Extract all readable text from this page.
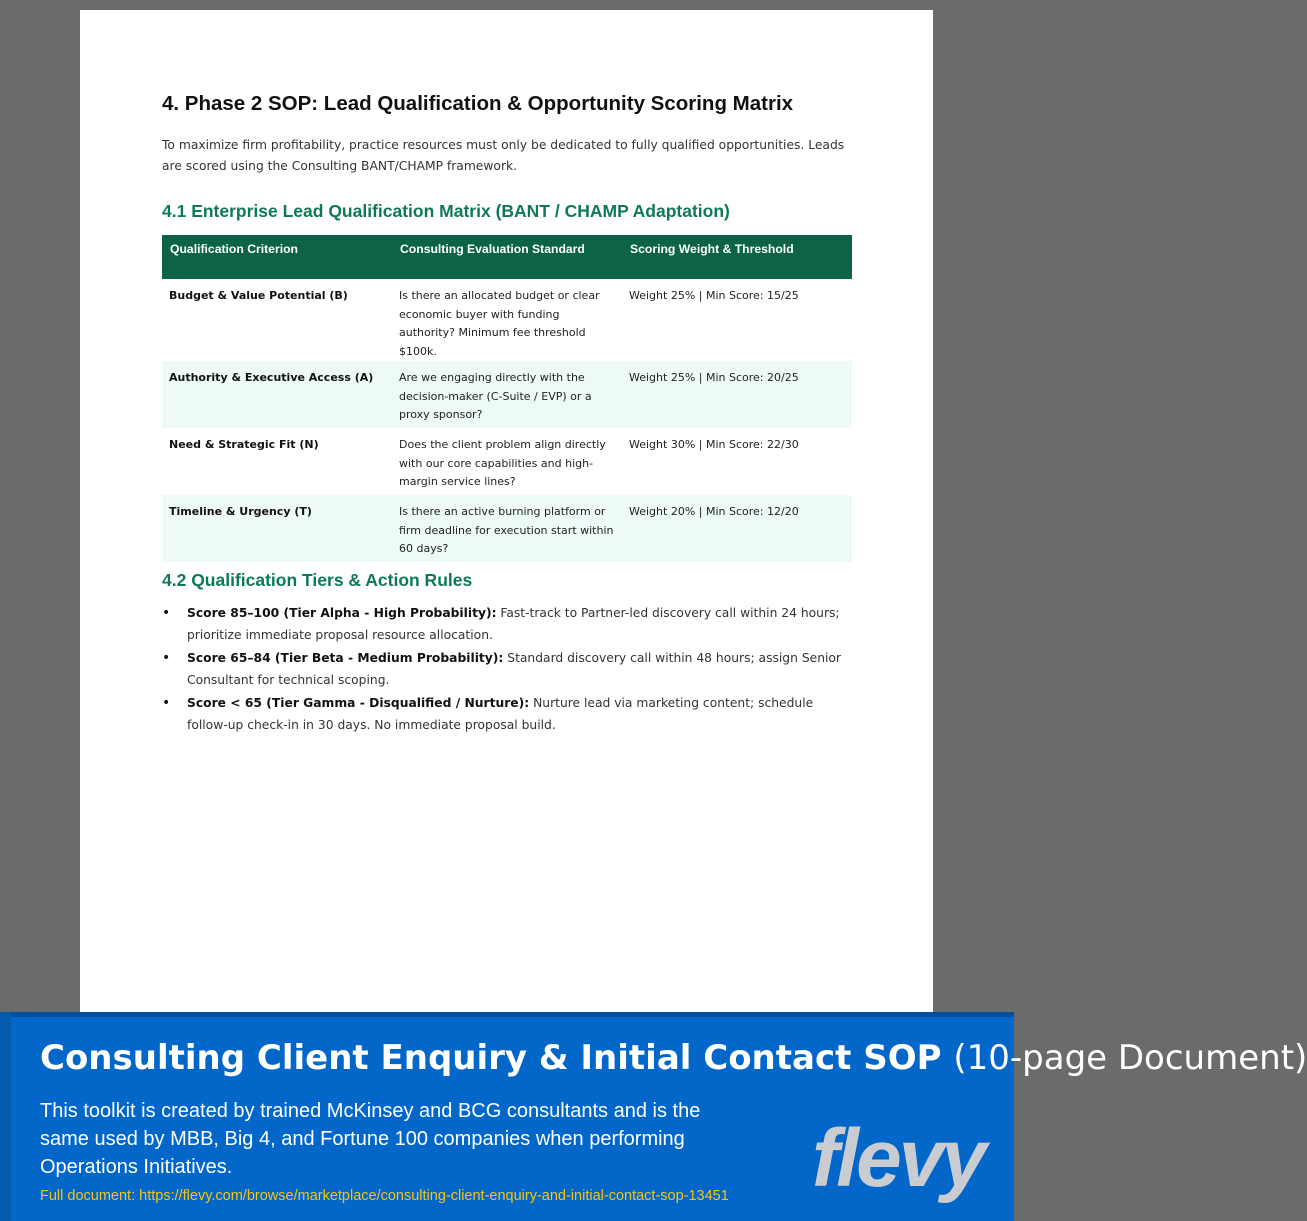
4. Phase 2 SOP: Lead Qualification & Opportunity Scoring Matrix

To maximize firm profitability, practice resources must only be dedicated to fully qualified opportunities. Leads are scored using the Consulting BANT/CHAMP framework.

4.1 Enterprise Lead Qualification Matrix (BANT / CHAMP Adaptation)
Qualification Criterion	Consulting Evaluation Standard	Scoring Weight & Threshold
Budget & Value Potential (B)	Is there an allocated budget or clear economic buyer with funding authority? Minimum fee threshold $100k.	Weight 25% | Min Score: 15/25
Authority & Executive Access (A)	Are we engaging directly with the decision-maker (C-Suite / EVP) or a proxy sponsor?	Weight 25% | Min Score: 20/25
Need & Strategic Fit (N)	Does the client problem align directly with our core capabilities and high-margin service lines?	Weight 30% | Min Score: 22/30
Timeline & Urgency (T)	Is there an active burning platform or firm deadline for execution start within 60 days?	Weight 20% | Min Score: 12/20
4.2 Qualification Tiers & Action Rules
• Score 85–100 (Tier Alpha - High Probability): Fast-track to Partner-led discovery call within 24 hours; prioritize immediate proposal resource allocation.
• Score 65–84 (Tier Beta - Medium Probability): Standard discovery call within 48 hours; assign Senior Consultant for technical scoping.
• Score < 65 (Tier Gamma - Disqualified / Nurture): Nurture lead via marketing content; schedule follow-up check-in in 30 days. No immediate proposal build.
Consulting Client Enquiry & Initial Contact SOP (10-page Document)

This toolkit is created by trained McKinsey and BCG consultants and is the same used by MBB, Big 4, and Fortune 100 companies when performing Operations Initiatives.

Full document: https://flevy.com/browse/marketplace/consulting-client-enquiry-and-initial-contact-sop-13451 flevy
